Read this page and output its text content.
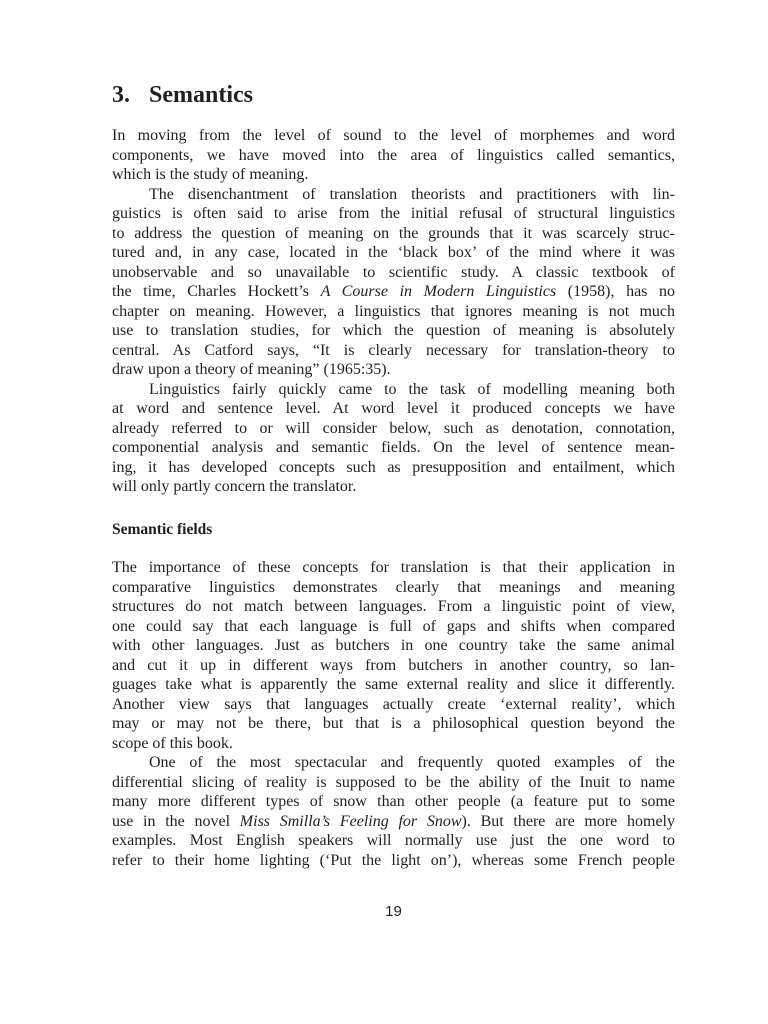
3. Semantics
In moving from the level of sound to the level of morphemes and word
components, we have moved into the area of linguistics called semantics,
which is the study of meaning.
The disenchantment of translation theorists and practitioners with lin-
guistics is often said to arise from the initial refusal of structural linguistics
to address the question of meaning on the grounds that it was scarcely struc-
tured and, in any case, located in the ‘black box’ of the mind where it was
unobservable and so unavailable to scientific study. A classic textbook of
the time, Charles Hockett’s A Course in Modern Linguistics (1958), has no
chapter on meaning. However, a linguistics that ignores meaning is not much
use to translation studies, for which the question of meaning is absolutely
central. As Catford says, “It is clearly necessary for translation-theory to
draw upon a theory of meaning” (1965:35).
Linguistics fairly quickly came to the task of modelling meaning both
at word and sentence level. At word level it produced concepts we have
already referred to or will consider below, such as denotation, connotation,
componential analysis and semantic fields. On the level of sentence mean-
ing, it has developed concepts such as presupposition and entailment, which
will only partly concern the translator.
Semantic fields
The importance of these concepts for translation is that their application in
comparative linguistics demonstrates clearly that meanings and meaning
structures do not match between languages. From a linguistic point of view,
one could say that each language is full of gaps and shifts when compared
with other languages. Just as butchers in one country take the same animal
and cut it up in different ways from butchers in another country, so lan-
guages take what is apparently the same external reality and slice it differently.
Another view says that languages actually create ‘external reality’, which
may or may not be there, but that is a philosophical question beyond the
scope of this book.
One of the most spectacular and frequently quoted examples of the
differential slicing of reality is supposed to be the ability of the Inuit to name
many more different types of snow than other people (a feature put to some
use in the novel Miss Smilla’s Feeling for Snow). But there are more homely
examples. Most English speakers will normally use just the one word to
refer to their home lighting (‘Put the light on’), whereas some French people
19
